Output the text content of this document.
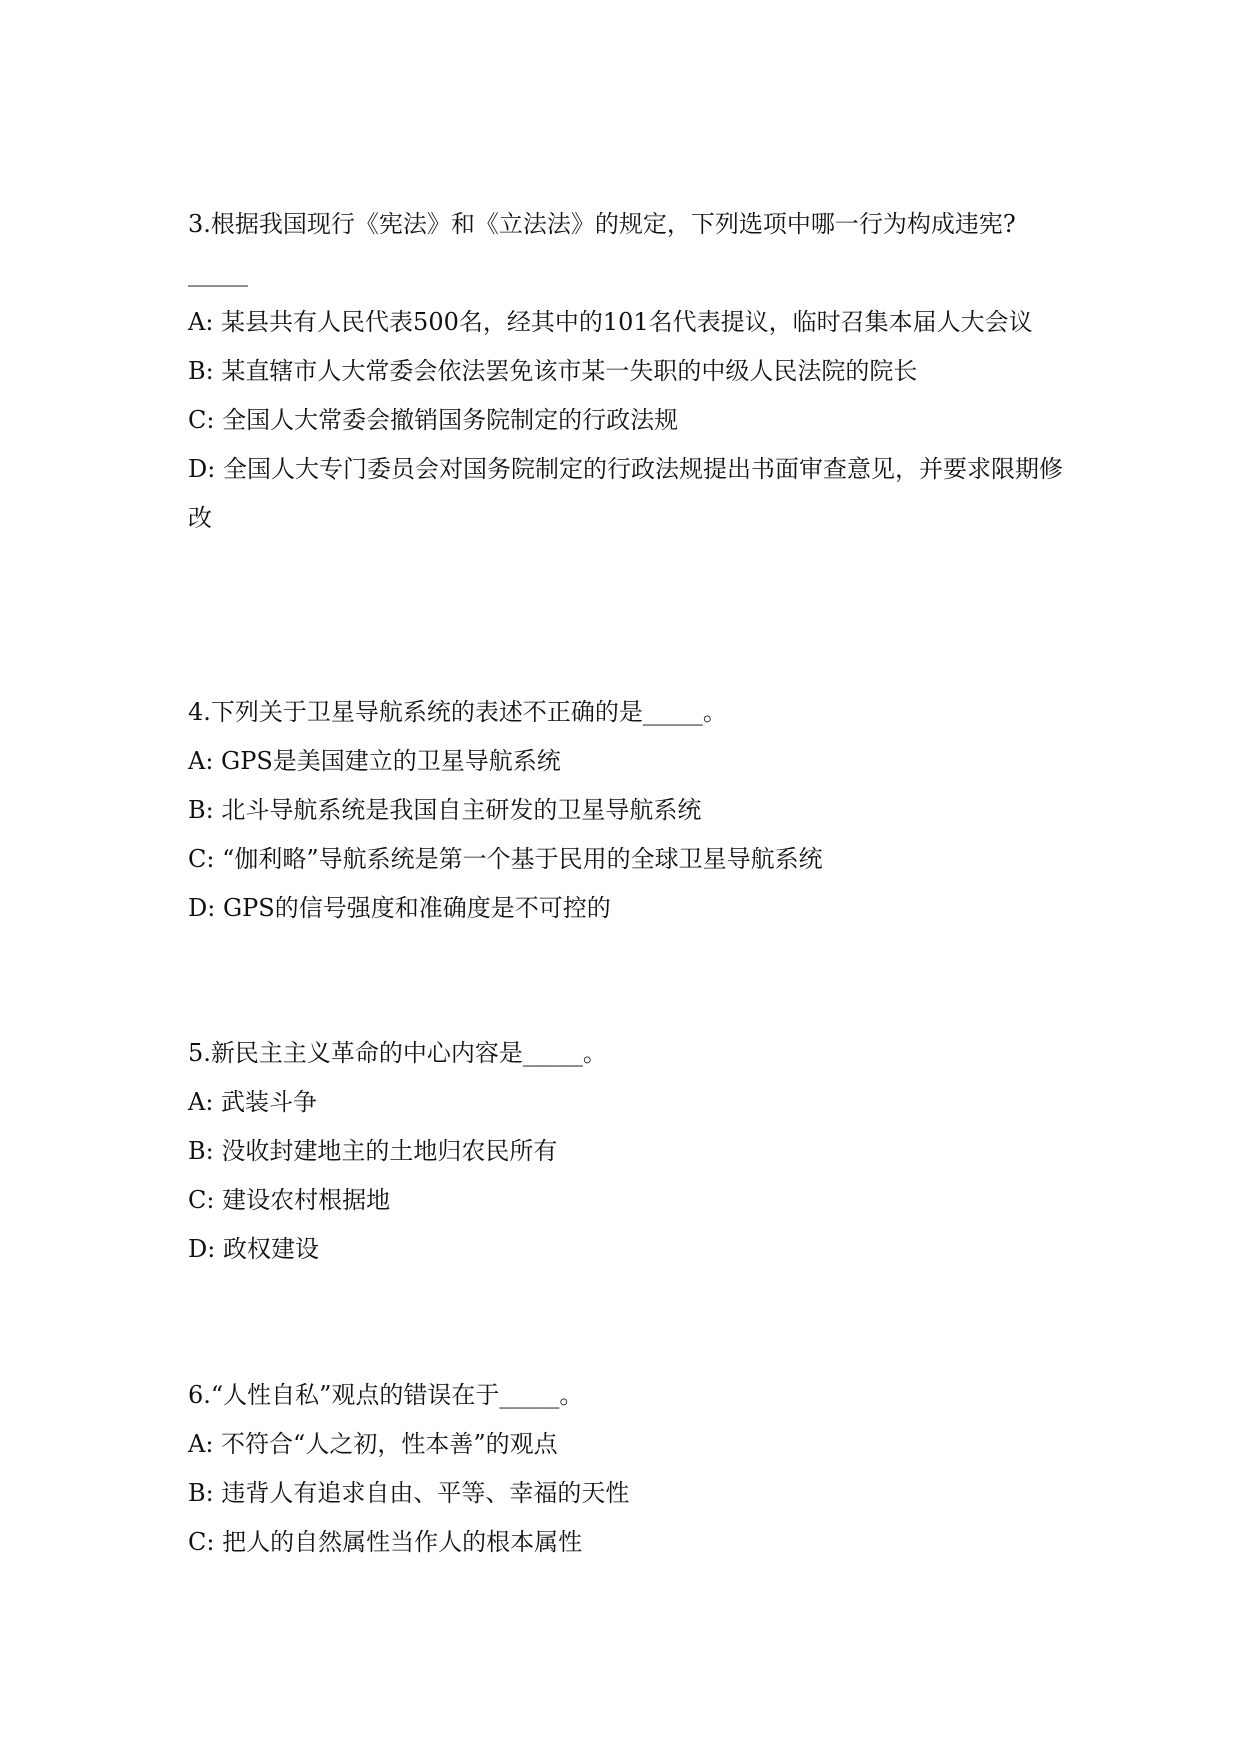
3.根据我国现行《宪法》和《立法法》的规定，下列选项中哪一行为构成违宪?_____

A: 某县共有人民代表500名，经其中的101名代表提议，临时召集本届人大会议

B: 某直辖市人大常委会依法罢免该市某一失职的中级人民法院的院长

C: 全国人大常委会撤销国务院制定的行政法规

D: 全国人大专门委员会对国务院制定的行政法规提出书面审查意见，并要求限期修改

4.下列关于卫星导航系统的表述不正确的是_____。

A: GPS是美国建立的卫星导航系统

B: 北斗导航系统是我国自主研发的卫星导航系统

C: “伽利略”导航系统是第一个基于民用的全球卫星导航系统

D: GPS的信号强度和准确度是不可控的

5.新民主主义革命的中心内容是_____。

A: 武装斗争

B: 没收封建地主的土地归农民所有

C: 建设农村根据地

D: 政权建设

6.“人性自私”观点的错误在于_____。

A: 不符合“人之初，性本善”的观点

B: 违背人有追求自由、平等、幸福的天性

C: 把人的自然属性当作人的根本属性
